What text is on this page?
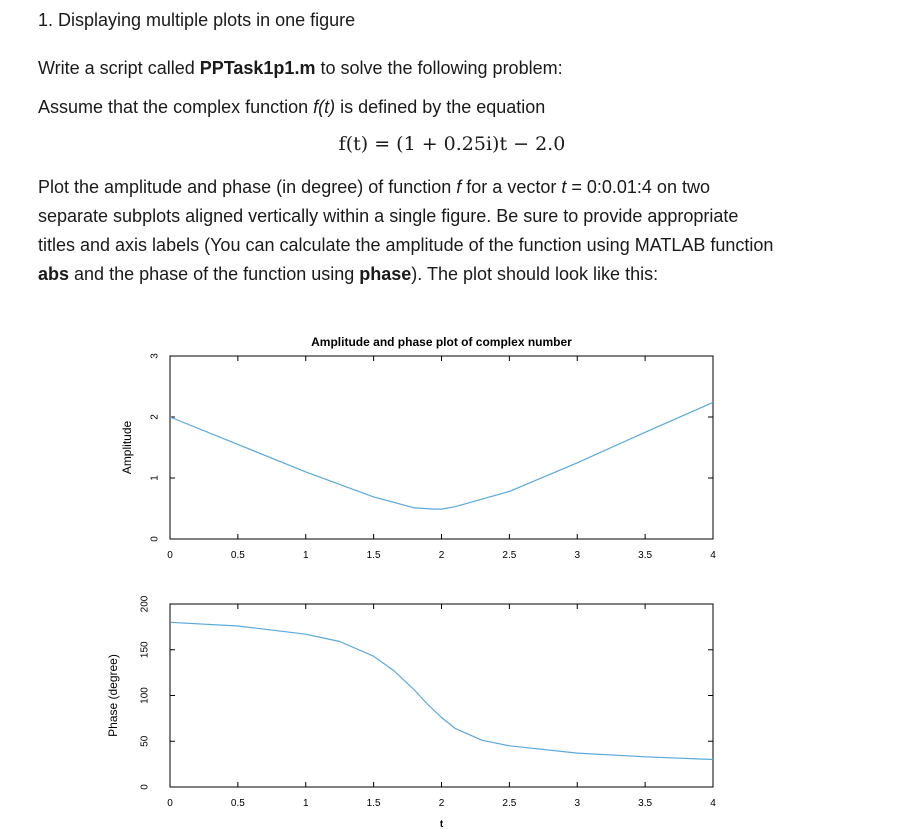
1. Displaying multiple plots in one figure
Write a script called PPTask1p1.m to solve the following problem:
Assume that the complex function f(t) is defined by the equation
f(t) = (1 + 0.25i)t − 2.0

Plot the amplitude and phase (in degree) of function f for a vector t = 0:0.01:4 on two

separate subplots aligned vertically within a single figure. Be sure to provide appropriate

titles and axis labels (You can calculate the amplitude of the function using MATLAB function

abs and the phase of the function using phase). The plot should look like this:

0	0.5	1	1.5	2	2.5	3	3.5	4
0
1
2
3
Amplitude and phase plot of complex number
Amplitude
0	0.5	1	1.5	2	2.5	3	3.5	4
0
50
100
150
200
Phase (degree)
t
